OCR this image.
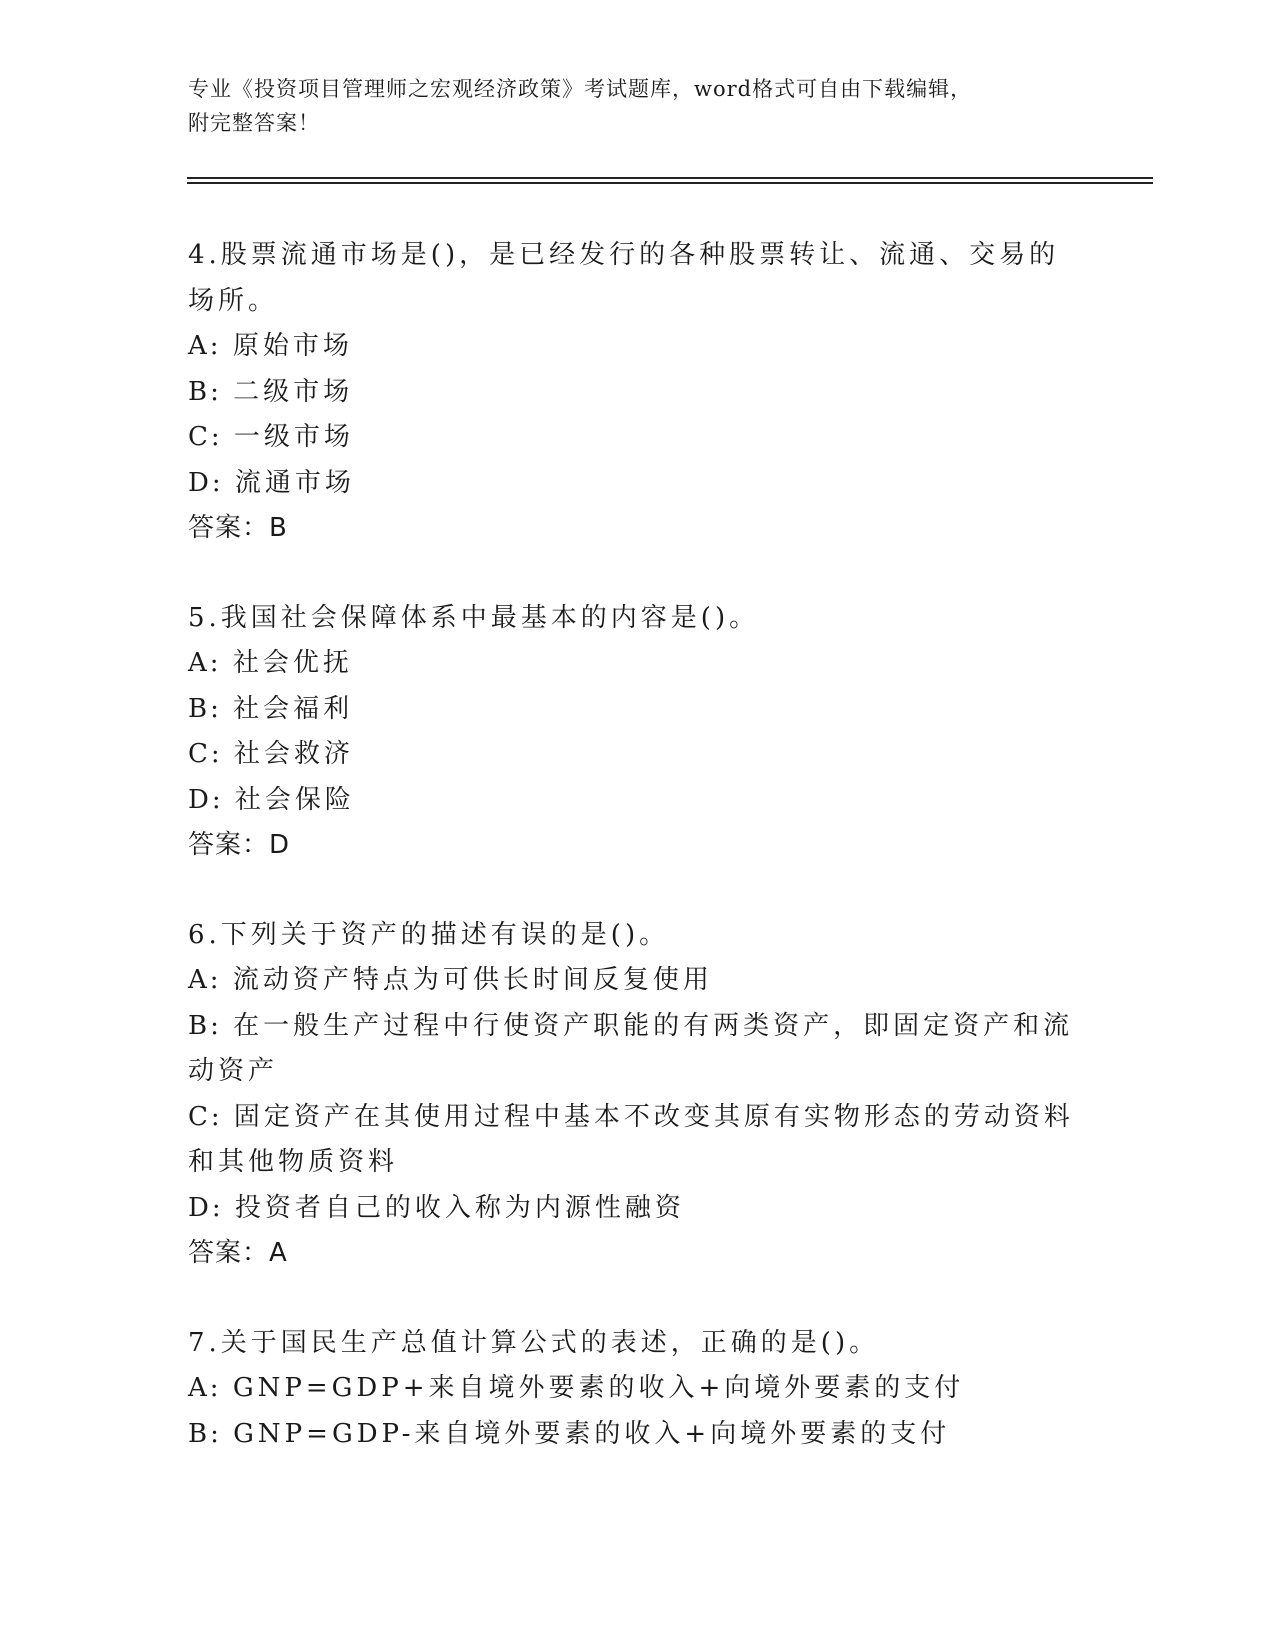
专业《投资项目管理师之宏观经济政策》考试题库，word格式可自由下载编辑，
附完整答案！
4.股票流通市场是()，是已经发行的各种股票转让、流通、交易的场所。
A: 原始市场
B: 二级市场
C: 一级市场
D: 流通市场
答案：B
5.我国社会保障体系中最基本的内容是()。
A: 社会优抚
B: 社会福利
C: 社会救济
D: 社会保险
答案：D
6.下列关于资产的描述有误的是()。
A: 流动资产特点为可供长时间反复使用
B: 在一般生产过程中行使资产职能的有两类资产，即固定资产和流动资产
C: 固定资产在其使用过程中基本不改变其原有实物形态的劳动资料和其他物质资料
D: 投资者自己的收入称为内源性融资
答案：A
7.关于国民生产总值计算公式的表述，正确的是()。
A: GNP=GDP+来自境外要素的收入+向境外要素的支付
B: GNP=GDP-来自境外要素的收入+向境外要素的支付
